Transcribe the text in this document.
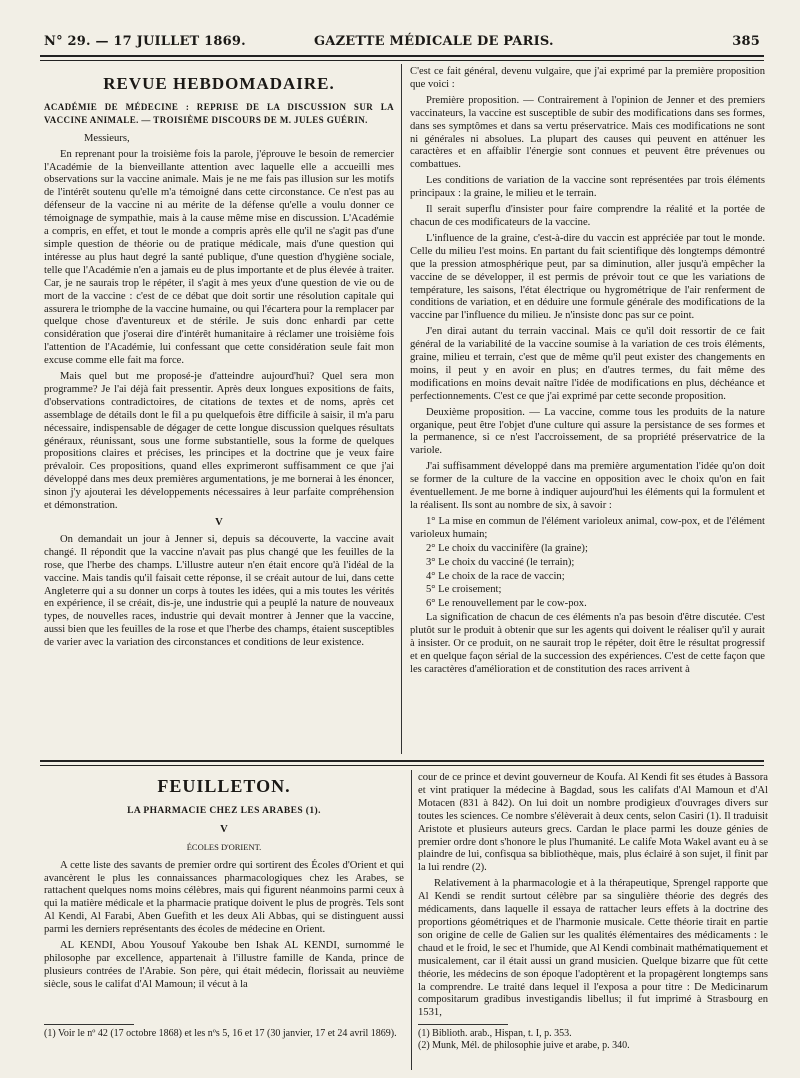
N° 29. — 17 JUILLET 1869.	GAZETTE MÉDICALE DE PARIS.	385
REVUE HEBDOMADAIRE.
ACADÉMIE DE MÉDECINE : REPRISE DE LA DISCUSSION SUR LA VACCINE ANIMALE. — TROISIÈME DISCOURS DE M. JULES GUÉRIN.

Messieurs,

En reprenant pour la troisième fois la parole, j'éprouve le besoin de remercier l'Académie de la bienveillante attention avec laquelle elle a accueilli mes observations sur la vaccine animale. Mais je ne me fais pas illusion sur les motifs de l'intérêt soutenu qu'elle m'a témoigné dans cette circonstance. Ce n'est pas au défenseur de la vaccine ni au mérite de la défense qu'elle a voulu donner ce témoignage de sympathie, mais à la cause même mise en discussion. L'Académie a compris, en effet, et tout le monde a compris après elle qu'il ne s'agit pas d'une simple question de théorie ou de pratique médicale, mais d'une question qui intéresse au plus haut degré la santé publique, d'une question d'hygiène sociale, telle que l'Académie n'en a jamais eu de plus importante et de plus élevée à traiter. Car, je ne saurais trop le répéter, il s'agit à mes yeux d'une question de vie ou de mort de la vaccine : c'est de ce débat que doit sortir une résolution capitale qui assurera le triomphe de la vaccine humaine, ou qui l'écartera pour la remplacer par quelque chose d'aventureux et de stérile. Je suis donc enhardi par cette considération que j'oserai dire d'intérêt humanitaire à réclamer une troisième fois l'attention de l'Académie, lui confessant que cette considération seule fait mon excuse comme elle fait ma force.

Mais quel but me proposé-je d'atteindre aujourd'hui? Quel sera mon programme? Je l'ai déjà fait pressentir. Après deux longues expositions de faits, d'observations contradictoires, de citations de textes et de noms, après cet assemblage de détails dont le fil a pu quelquefois être difficile à saisir, il m'a paru nécessaire, indispensable de dégager de cette longue discussion quelques résultats généraux, réunissant, sous une forme substantielle, sous la forme de quelques propositions claires et précises, les principes et la doctrine que je veux faire prévaloir. Ces propositions, quand elles exprimeront suffisamment ce que j'ai développé dans mes deux premières argumentations, je me bornerai à les énoncer, sinon j'y ajouterai les développements nécessaires à leur parfaite compréhension et démonstration.

V

On demandait un jour à Jenner si, depuis sa découverte, la vaccine avait changé. Il répondit que la vaccine n'avait pas plus changé que les feuilles de la rose, que l'herbe des champs. L'illustre auteur n'en était encore qu'à l'idéal de la vaccine. Mais tandis qu'il faisait cette réponse, il se créait autour de lui, dans cette Angleterre qui a su donner un corps à toutes les idées, qui a mis toutes les vérités en expérience, il se créait, dis-je, une industrie qui a peuplé la nature de nouveaux types, de nouvelles races, industrie qui devait montrer à Jenner que la vaccine, aussi bien que les feuilles de la rose et que l'herbe des champs, étaient susceptibles de varier avec la variation des circonstances et conditions de leur existence.

C'est ce fait général, devenu vulgaire, que j'ai exprimé par la première proposition que voici :

Première proposition. — Contrairement à l'opinion de Jenner et des premiers vaccinateurs, la vaccine est susceptible de subir des modifications dans ses formes, dans ses symptômes et dans sa vertu préservatrice. Mais ces modifications ne sont ni générales ni absolues. La plupart des causes qui peuvent en atténuer les caractères et en affaiblir l'énergie sont connues et peuvent être prévenues ou combattues.

Les conditions de variation de la vaccine sont représentées par trois éléments principaux : la graine, le milieu et le terrain.

Il serait superflu d'insister pour faire comprendre la réalité et la portée de chacun de ces modificateurs de la vaccine.

L'influence de la graine, c'est-à-dire du vaccin est appréciée par tout le monde. Celle du milieu l'est moins. En partant du fait scientifique dès longtemps démontré que la pression atmosphérique peut, par sa diminution, aller jusqu'à empêcher la vaccine de se développer, il est permis de prévoir tout ce que les variations de température, les saisons, l'état électrique ou hygrométrique de l'air renferment de conditions de variation, et en déduire une formule générale des modifications de la vaccine par l'influence du milieu. Je n'insiste donc pas sur ce point.

J'en dirai autant du terrain vaccinal. Mais ce qu'il doit ressortir de ce fait général de la variabilité de la vaccine soumise à la variation de ces trois éléments, graine, milieu et terrain, c'est que de même qu'il peut exister des changements en moins, il peut y en avoir en plus; en d'autres termes, du fait même des modifications en moins devait naître l'idée de modifications en plus, déchéance et perfectionnements. C'est ce que j'ai exprimé par cette seconde proposition.

Deuxième proposition. — La vaccine, comme tous les produits de la nature organique, peut être l'objet d'une culture qui assure la persistance de ses formes et la permanence, si ce n'est l'accroissement, de sa propriété préservatrice de la variole.

J'ai suffisamment développé dans ma première argumentation l'idée qu'on doit se former de la culture de la vaccine en opposition avec le choix qu'on en fait éventuellement. Je me borne à indiquer aujourd'hui les éléments qui la formulent et la réalisent. Ils sont au nombre de six, à savoir :

1° La mise en commun de l'élément varioleux animal, cow-pox, et de l'élément varioleux humain;
2° Le choix du vaccinifère (la graine);
3° Le choix du vacciné (le terrain);
4° Le choix de la race de vaccin;
5° Le croisement;
6° Le renouvellement par le cow-pox.

La signification de chacun de ces éléments n'a pas besoin d'être discutée. C'est plutôt sur le produit à obtenir que sur les agents qui doivent le réaliser qu'il y aurait à insister. Or ce produit, on ne saurait trop le répéter, doit être le résultat progressif et en quelque façon sérial de la succession des expériences. C'est de cette façon que les caractères d'amélioration et de constitution des races arrivent à

FEUILLETON.
LA PHARMACIE CHEZ LES ARABES (1).
V
ÉCOLES D'ORIENT.

A cette liste des savants de premier ordre qui sortirent des Écoles d'Orient et qui avancèrent le plus les connaissances pharmacologiques chez les Arabes, se rattachent quelques noms moins célèbres, mais qui figurent néanmoins parmi ceux à qui la matière médicale et la pharmacie pratique doivent le plus de progrès. Tels sont Al Kendi, Al Farabi, Aben Guefith et les deux Ali Abbas, qui se distinguent aussi parmi les derniers représentants des écoles de médecine en Orient.

AL KENDI, Abou Yousouf Yakoube ben Ishak AL KENDI, surnommé le philosophe par excellence, appartenait à l'illustre famille de Kanda, prince de plusieurs contrées de l'Arabie. Son père, qui était médecin, florissait au neuvième siècle, sous le califat d'Al Mamoun; il vécut à la

cour de ce prince et devint gouverneur de Koufa. Al Kendi fit ses études à Bassora et vint pratiquer la médecine à Bagdad, sous les califats d'Al Mamoun et d'Al Motacen (831 à 842). On lui doit un nombre prodigieux d'ouvrages divers sur toutes les sciences. Ce nombre s'élèverait à deux cents, selon Casiri (1). Il traduisit Aristote et plusieurs auteurs grecs. Cardan le place parmi les douze génies de premier ordre dont s'honore le plus l'humanité. Le calife Mota Wakel avant eu à se plaindre de lui, confisqua sa bibliothèque, mais, plus éclairé à son sujet, il finit par la lui rendre (2).

Relativement à la pharmacologie et à la thérapeutique, Sprengel rapporte que Al Kendi se rendit surtout célèbre par sa singulière théorie des degrés des médicaments, dans laquelle il essaya de rattacher leurs effets à la doctrine des proportions géométriques et de l'harmonie musicale. Cette théorie tirait en partie son origine de celle de Galien sur les qualités élémentaires des médicaments : le chaud et le froid, le sec et l'humide, que Al Kendi combinait mathématiquement et musicalement, car il était aussi un grand musicien. Quelque bizarre que fût cette théorie, les médecins de son époque l'adoptèrent et la propagèrent longtemps sans la comprendre. Le traité dans lequel il l'exposa a pour titre : De Medicinarum compositarum gradibus investigandis libellus; il fut imprimé à Strasbourg en 1531,

(1) Voir le nº 42 (17 octobre 1868) et les nºs 5, 16 et 17 (30 janvier, 17 et 24 avril 1869).	(1) Biblioth. arab., Hispan, t. I, p. 353.
(2) Munk, Mél. de philosophie juive et arabe, p. 340.
